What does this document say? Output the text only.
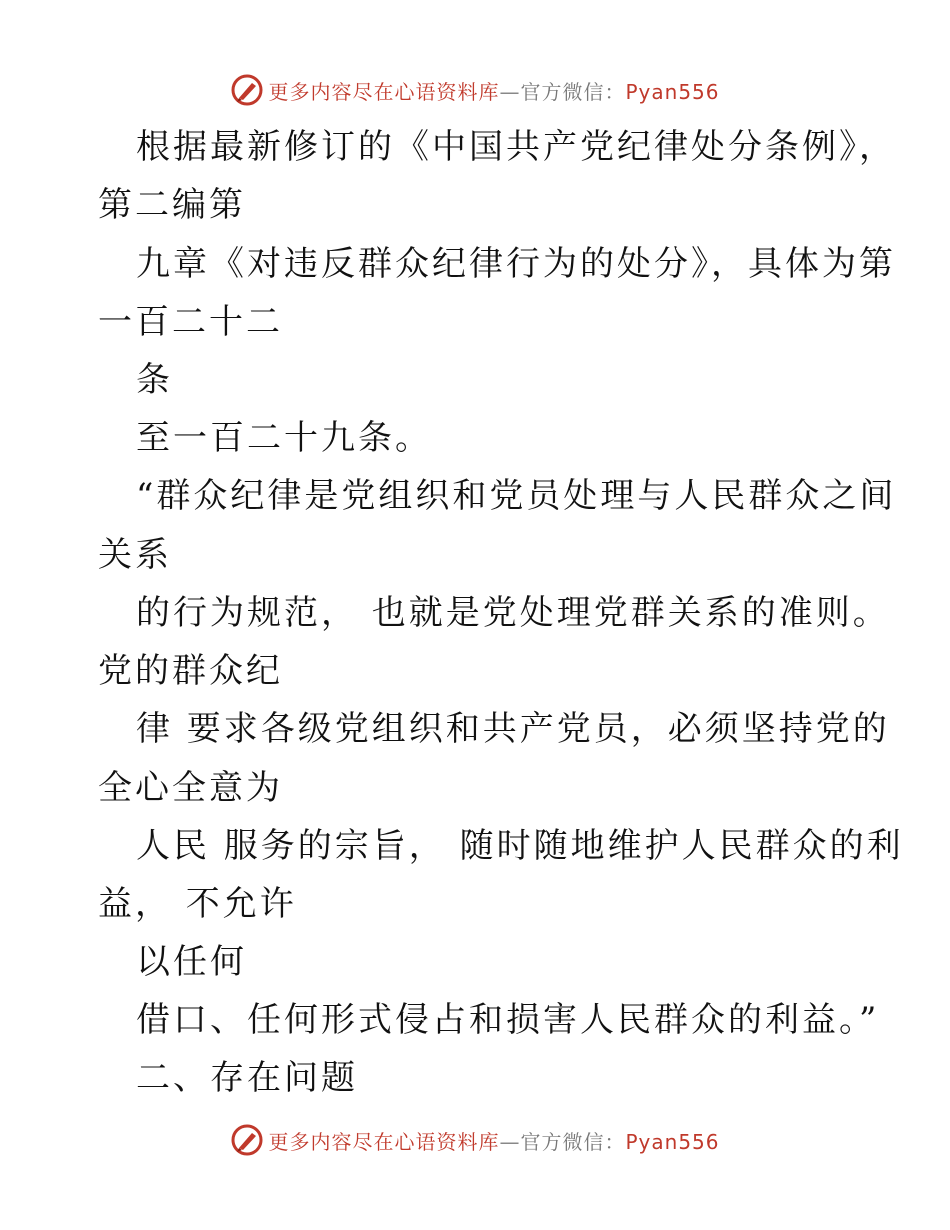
更多内容尽在心语资料库—官方微信：Pyan556
根据最新修订的《中国共产党纪律处分条例》，
第二编第
九章《对违反群众纪律行为的处分》，具体为第
一百二十二
条
至一百二十九条。
“群众纪律是党组织和党员处理与人民群众之间
关系
的行为规范， 也就是党处理党群关系的准则。
党的群众纪
律 要求各级党组织和共产党员，必须坚持党的
全心全意为
人民 服务的宗旨， 随时随地维护人民群众的利
益， 不允许
以任何
借口、任何形式侵占和损害人民群众的利益。”
二、存在问题
更多内容尽在心语资料库—官方微信：Pyan556
